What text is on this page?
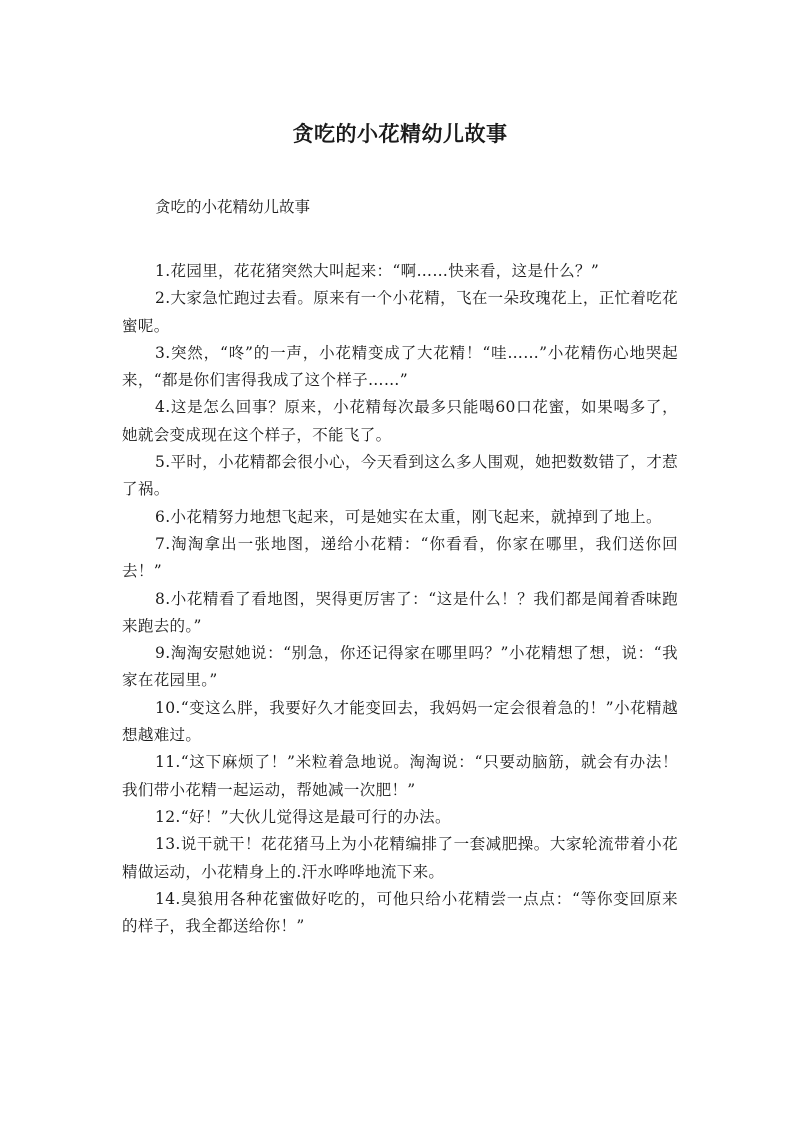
贪吃的小花精幼儿故事
贪吃的小花精幼儿故事

1.花园里，花花猪突然大叫起来：“啊……快来看，这是什么？”

2.大家急忙跑过去看。原来有一个小花精，飞在一朵玫瑰花上，正忙着吃花蜜呢。

3.突然，“咚”的一声，小花精变成了大花精！“哇……”小花精伤心地哭起来，“都是你们害得我成了这个样子……”

4.这是怎么回事？原来，小花精每次最多只能喝60口花蜜，如果喝多了，她就会变成现在这个样子，不能飞了。

5.平时，小花精都会很小心，今天看到这么多人围观，她把数数错了，才惹了祸。

6.小花精努力地想飞起来，可是她实在太重，刚飞起来，就掉到了地上。

7.淘淘拿出一张地图，递给小花精：“你看看，你家在哪里，我们送你回去！”

8.小花精看了看地图，哭得更厉害了：“这是什么！？我们都是闻着香味跑来跑去的。”

9.淘淘安慰她说：“别急，你还记得家在哪里吗？”小花精想了想，说：“我家在花园里。”

10.“变这么胖，我要好久才能变回去，我妈妈一定会很着急的！”小花精越想越难过。

11.“这下麻烦了！”米粒着急地说。淘淘说：“只要动脑筋，就会有办法！我们带小花精一起运动，帮她减一次肥！”

12.“好！”大伙儿觉得这是最可行的办法。

13.说干就干！花花猪马上为小花精编排了一套减肥操。大家轮流带着小花精做运动，小花精身上的.汗水哗哗地流下来。

14.臭狼用各种花蜜做好吃的，可他只给小花精尝一点点：“等你变回原来的样子，我全都送给你！”
